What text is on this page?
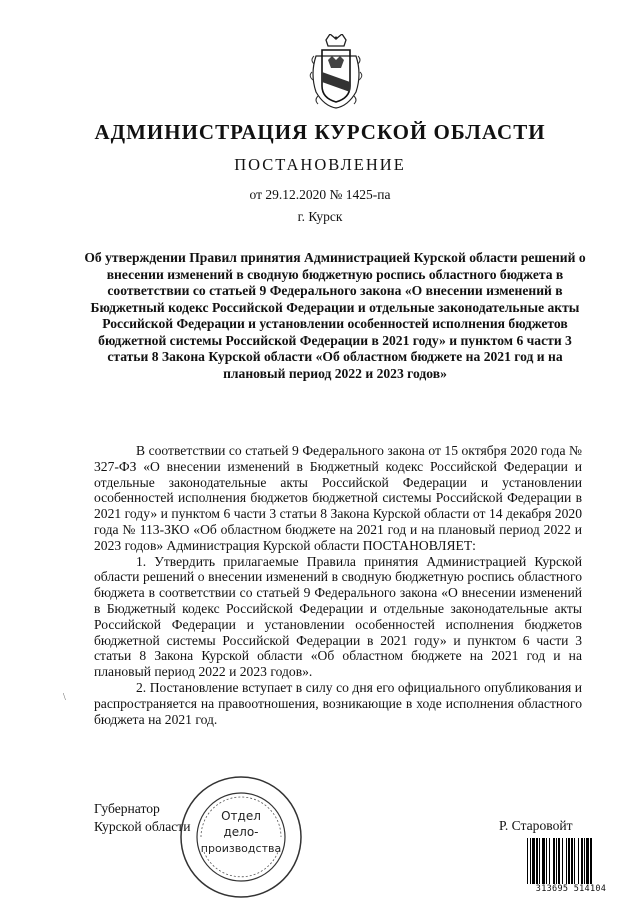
АДМИНИСТРАЦИЯ КУРСКОЙ ОБЛАСТИ
ПОСТАНОВЛЕНИЕ
от 29.12.2020 № 1425-па
г. Курск
Об утверждении Правил принятия Администрацией Курской области решений о внесении изменений в сводную бюджетную роспись областного бюджета в соответствии со статьей 9 Федерального закона «О внесении изменений в Бюджетный кодекс Российской Федерации и отдельные законодательные акты Российской Федерации и установлении особенностей исполнения бюджетов бюджетной системы Российской Федерации в 2021 году» и пунктом 6 части 3 статьи 8 Закона Курской области «Об областном бюджете на 2021 год и на плановый период 2022 и 2023 годов»

В соответствии со статьей 9 Федерального закона от 15 октября 2020 года № 327-ФЗ «О внесении изменений в Бюджетный кодекс Российской Федерации и отдельные законодательные акты Российской Федерации и установлении особенностей исполнения бюджетов бюджетной системы Российской Федерации в 2021 году» и пунктом 6 части 3 статьи 8 Закона Курской области от 14 декабря 2020 года № 113-ЗКО «Об областном бюджете на 2021 год и на плановый период 2022 и 2023 годов» Администрация Курской области ПОСТАНОВЛЯЕТ:

1. Утвердить прилагаемые Правила принятия Администрацией Курской области решений о внесении изменений в сводную бюджетную роспись областного бюджета в соответствии со статьей 9 Федерального закона «О внесении изменений в Бюджетный кодекс Российской Федерации и отдельные законодательные акты Российской Федерации и установлении особенностей исполнения бюджетов бюджетной системы Российской Федерации в 2021 году» и пунктом 6 части 3 статьи 8 Закона Курской области «Об областном бюджете на 2021 год и на плановый период 2022 и 2023 годов».

2. Постановление вступает в силу со дня его официального опубликования и распространяется на правоотношения, возникающие в ходе исполнения областного бюджета на 2021 год.

\
Губернатор
Курской области
Отдел
дело-
производства
Р. Старовойт
313695 514104
